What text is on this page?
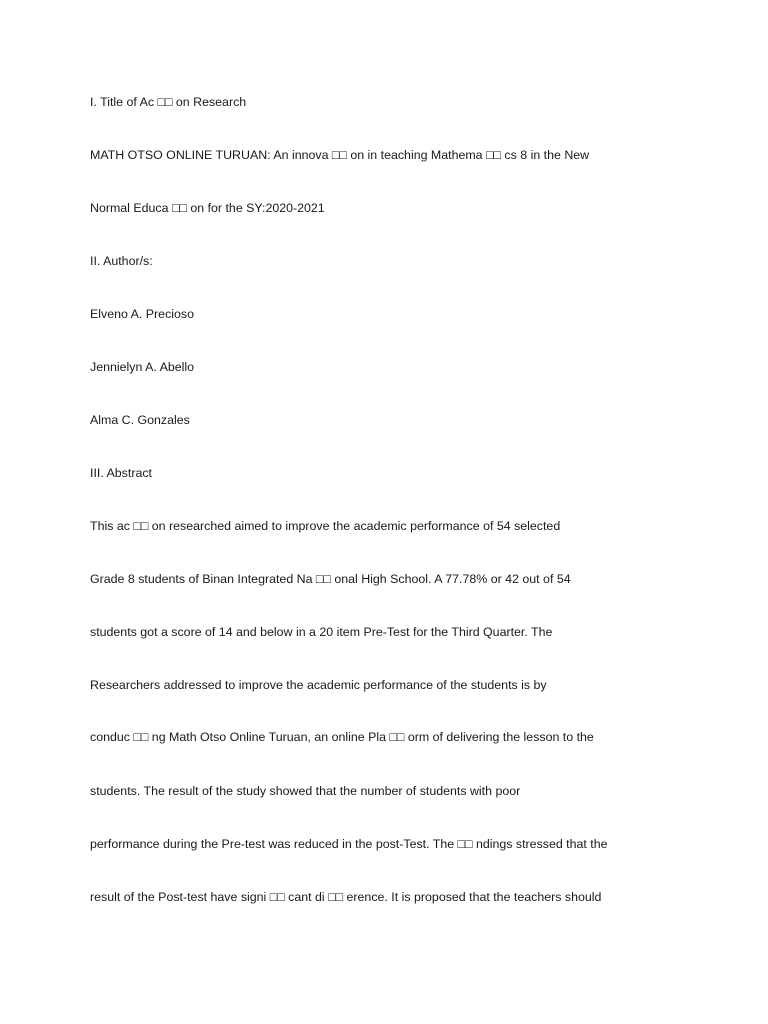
I. Title of Ac □□ on Research
MATH OTSO ONLINE TURUAN: An innova □□ on in teaching Mathema □□ cs 8 in the New
Normal Educa □□ on for the SY:2020-2021
II. Author/s:
Elveno A. Precioso
Jennielyn A. Abello
Alma C. Gonzales
III. Abstract
This ac □□ on researched aimed to improve the academic performance of 54 selected
Grade 8 students of Binan Integrated Na □□ onal High School. A 77.78% or 42 out of 54
students got a score of 14 and below in a 20 item Pre-Test for the Third Quarter. The
Researchers addressed to improve the academic performance of the students is by
conduc □□ ng Math Otso Online Turuan, an online Pla □□ orm of delivering the lesson to the
students. The result of the study showed that the number of students with poor
performance during the Pre-test was reduced in the post-Test. The □□ ndings stressed that the
result of the Post-test have signi □□ cant di □□ erence. It is proposed that the teachers should
